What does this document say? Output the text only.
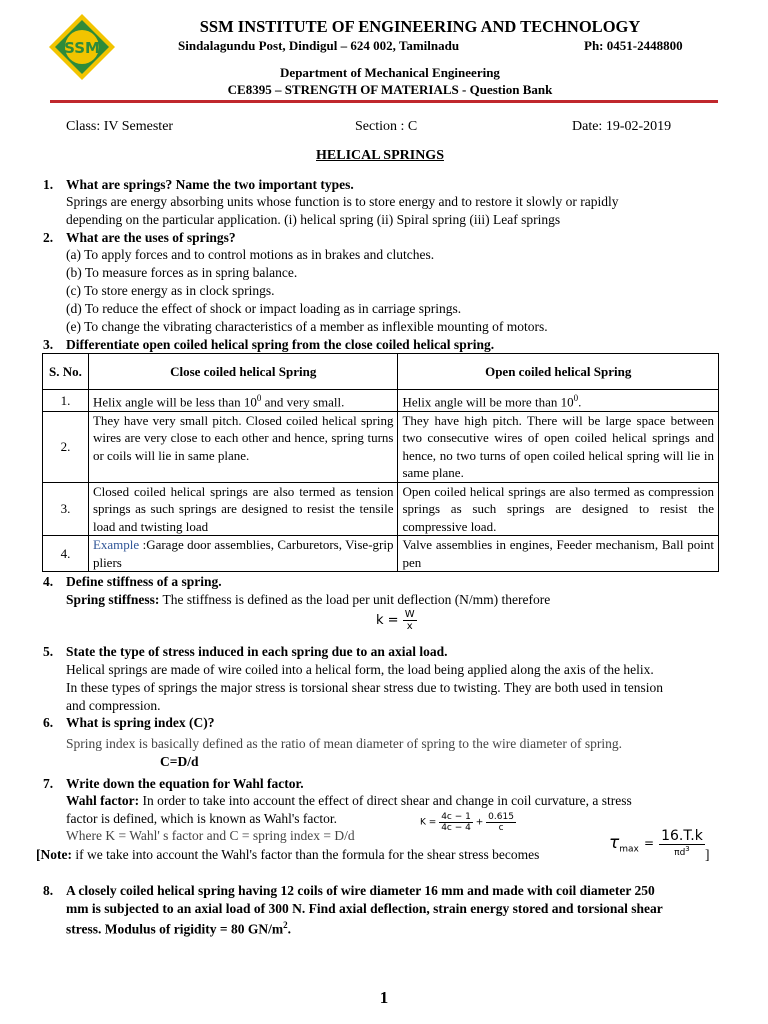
SSM
SSM INSTITUTE OF ENGINEERING AND TECHNOLOGY
Sindalagundu Post, Dindigul – 624 002, Tamilnadu	Ph: 0451-2448800
Department of Mechanical Engineering
CE8395 – STRENGTH OF MATERIALS - Question Bank
Class: IV Semester	Section : C	Date: 19-02-2019
HELICAL SPRINGS
1. What are springs? Name the two important types.
Springs are energy absorbing units whose function is to store energy and to restore it slowly or rapidly
depending on the particular application. (i) helical spring (ii) Spiral spring (iii) Leaf springs
2. What are the uses of springs?
(a) To apply forces and to control motions as in brakes and clutches.
(b) To measure forces as in spring balance.
(c) To store energy as in clock springs.
(d) To reduce the effect of shock or impact loading as in carriage springs.
(e) To change the vibrating characteristics of a member as inflexible mounting of motors.
3. Differentiate open coiled helical spring from the close coiled helical spring.
S. No.	Close coiled helical Spring	Open coiled helical Spring
1.	Helix angle will be less than $10^0$ and very small.	Helix angle will be more than $10^0$.
2.	They have very small pitch. Closed coiled helical spring wires are very close to each other and hence, spring turns or coils will lie in same plane.	They have high pitch. There will be large space between two consecutive wires of open coiled helical springs and hence, no two turns of open coiled helical spring will lie in same plane.
3.	Closed coiled helical springs are also termed as tension springs as such springs are designed to resist the tensile load and twisting load	Open coiled helical springs are also termed as compression springs as such springs are designed to resist the compressive load.
4.	Example :Garage door assemblies, Carburetors, Vise-grip pliers	Valve assemblies in engines, Feeder mechanism, Ball point pen
4. Define stiffness of a spring.
Spring stiffness: The stiffness is defined as the load per unit deflection (N/mm) therefore
$k = \frac{W}{x}$
5. State the type of stress induced in each spring due to an axial load.
Helical springs are made of wire coiled into a helical form, the load being applied along the axis of the helix.
In these types of springs the major stress is torsional shear stress due to twisting. They are both used in tension
and compression.
6. What is spring index (C)?
Spring index is basically defined as the ratio of mean diameter of spring to the wire diameter of spring.
C=D/d
7. Write down the equation for Wahl factor.
Wahl factor: In order to take into account the effect of direct shear and change in coil curvature, a stress
factor is defined, which is known as Wahl's factor.
Where K = Wahl' s factor and C = spring index = D/d
$K = \frac{4c - 1}{4c - 4} + \frac{0.615}{c}$
[Note: if we take into account the Wahl's factor than the formula for the shear stress becomes
$\tau_{max} = \frac{16.T.k}{\pi d^3}$ ]
8. A closely coiled helical spring having 12 coils of wire diameter 16 mm and made with coil diameter 250
mm is subjected to an axial load of 300 N. Find axial deflection, strain energy stored and torsional shear
stress. Modulus of rigidity = 80 $GN/m^2$.
1
